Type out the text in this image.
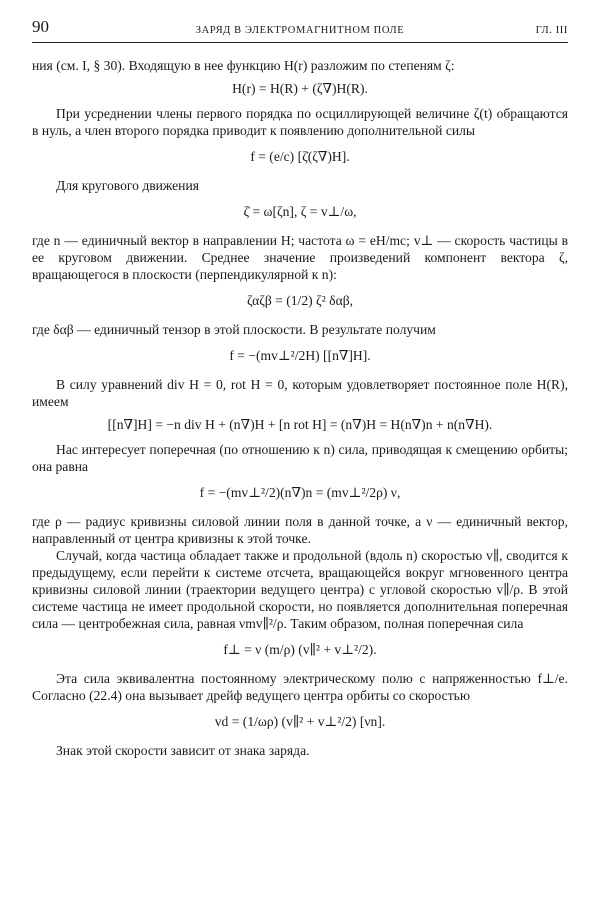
90	ЗАРЯД В ЭЛЕКТРОМАГНИТНОМ ПОЛЕ	ГЛ. III

ния (см. I, § 30). Входящую в нее функцию H(r) разложим по степеням ζ:

H(r) = H(R) + (ζ∇)H(R).

При усреднении члены первого порядка по осциллирующей величине ζ(t) обращаются в нуль, а член второго порядка приводит к появлению дополнительной силы

f = (e/c) [ζ̇(ζ∇)H].

Для кругового движения

ζ̇ = ω[ζn], ζ = v⊥/ω,

где n — единичный вектор в направлении H; частота ω = eH/mc; v⊥ — скорость частицы в ее круговом движении. Среднее значение произведений компонент вектора ζ, вращающегося в плоскости (перпендикулярной к n):

ζαζβ = (1/2) ζ² δαβ,

где δαβ — единичный тензор в этой плоскости. В результате получим

f = −(mv⊥²/2H) [[n∇]H].

В силу уравнений div H = 0, rot H = 0, которым удовлетворяет постоянное поле H(R), имеем

[[n∇]H] = −n div H + (n∇)H + [n rot H] = (n∇)H = H(n∇)n + n(n∇H).

Нас интересует поперечная (по отношению к n) сила, приводящая к смещению орбиты; она равна

f = −(mv⊥²/2)(n∇)n = (mv⊥²/2ρ) ν,

где ρ — радиус кривизны силовой линии поля в данной точке, а ν — единичный вектор, направленный от центра кривизны к этой точке.

Случай, когда частица обладает также и продольной (вдоль n) скоростью v∥, сводится к предыдущему, если перейти к системе отсчета, вращающейся вокруг мгновенного центра кривизны силовой линии (траектории ведущего центра) с угловой скоростью v∥/ρ. В этой системе частица не имеет продольной скорости, но появляется дополнительная поперечная сила — центробежная сила, равная νmv∥²/ρ. Таким образом, полная поперечная сила

f⊥ = ν (m/ρ) (v∥² + v⊥²/2).

Эта сила эквивалентна постоянному электрическому полю с напряженностью f⊥/e. Согласно (22.4) она вызывает дрейф ведущего центра орбиты со скоростью

vd = (1/ωρ) (v∥² + v⊥²/2) [νn].

Знак этой скорости зависит от знака заряда.
